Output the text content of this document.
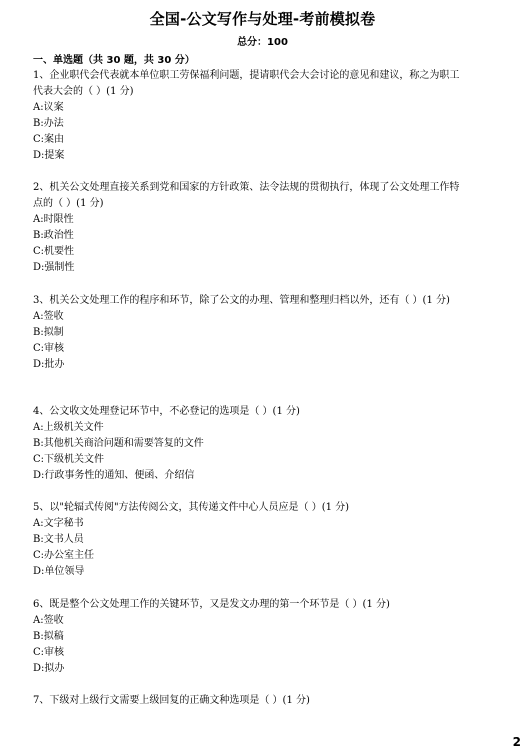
全国-公文写作与处理-考前模拟卷
总分：100
一、单选题（共 30 题，共 30 分）

1、企业职代会代表就本单位职工劳保福利问题，提请职代会大会讨论的意见和建议，称之为职工代表大会的（ ）(1 分)

A:议案

B:办法

C:案由

D:提案

2、机关公文处理直接关系到党和国家的方针政策、法令法规的贯彻执行，体现了公文处理工作特点的（ ）(1 分)

A:时限性

B:政治性

C:机要性

D:强制性

3、机关公文处理工作的程序和环节，除了公文的办理、管理和整理归档以外，还有（ ）(1 分)

A:签收

B:拟制

C:审核

D:批办

4、公文收文处理登记环节中，不必登记的选项是（ ）(1 分)

A:上级机关文件

B:其他机关商洽问题和需要答复的文件

C:下级机关文件

D:行政事务性的通知、便函、介绍信

5、以"轮辐式传阅"方法传阅公文，其传递文件中心人员应是（ ）(1 分)

A:文字秘书

B:文书人员

C:办公室主任

D:单位领导

6、既是整个公文处理工作的关键环节，又是发文办理的第一个环节是（ ）(1 分)

A:签收

B:拟稿

C:审核

D:拟办

7、下级对上级行文需要上级回复的正确文种选项是（ ）(1 分)

2
